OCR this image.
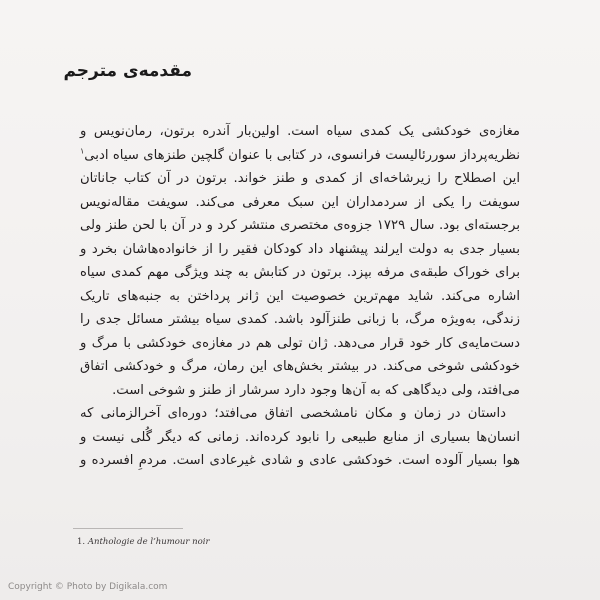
مقدمه‌ی مترجم
مغازه‌ی خودکشی یک کمدی سیاه است. اولین‌بار آندره برتون، رمان‌نویس و
نظریه‌پرداز سوررئالیست فرانسوی، در کتابی با عنوان گلچین طنزهای سیاه ادبی$^۱$
این اصطلاح را زیرشاخه‌ای از کمدی و طنز خواند. برتون در آن کتاب جاناتان
سویفت را یکی از سردمداران این سبک معرفی می‌کند. سویفت مقاله‌نویس
برجسته‌ای بود. سال ۱۷۲۹ جزوه‌ی مختصری منتشر کرد و در آن با لحن طنز ولی
بسیار جدی به دولت ایرلند پیشنهاد داد کودکان فقیر را از خانواده‌هاشان بخرد و
برای خوراک طبقه‌ی مرفه بپزد. برتون در کتابش به چند ویژگی مهم کمدی سیاه
اشاره می‌کند. شاید مهم‌ترین خصوصیت این ژانر پرداختن به جنبه‌های تاریک
زندگی، به‌ویژه مرگ، با زبانی طنزآلود باشد. کمدی سیاه بیشتر مسائل جدی را
دست‌مایه‌ی کار خود قرار می‌دهد. ژان تولی هم در مغازه‌ی خودکشی با مرگ و
خودکشی شوخی می‌کند. در بیشتر بخش‌های این رمان، مرگ و خودکشی اتفاق
می‌افتد، ولی دیدگاهی که به آن‌ها وجود دارد سرشار از طنز و شوخی است.
داستان در زمان و مکان نامشخصی اتفاق می‌افتد؛ دوره‌ای آخرالزمانی که
انسان‌ها بسیاری از منابع طبیعی را نابود کرده‌اند. زمانی که دیگر گُلی نیست و
هوا بسیار آلوده است. خودکشی عادی و شادی غیرعادی است. مردمِ افسرده و
1. Anthologie de l’humour noir
Copyright © Photo by Digikala.com
